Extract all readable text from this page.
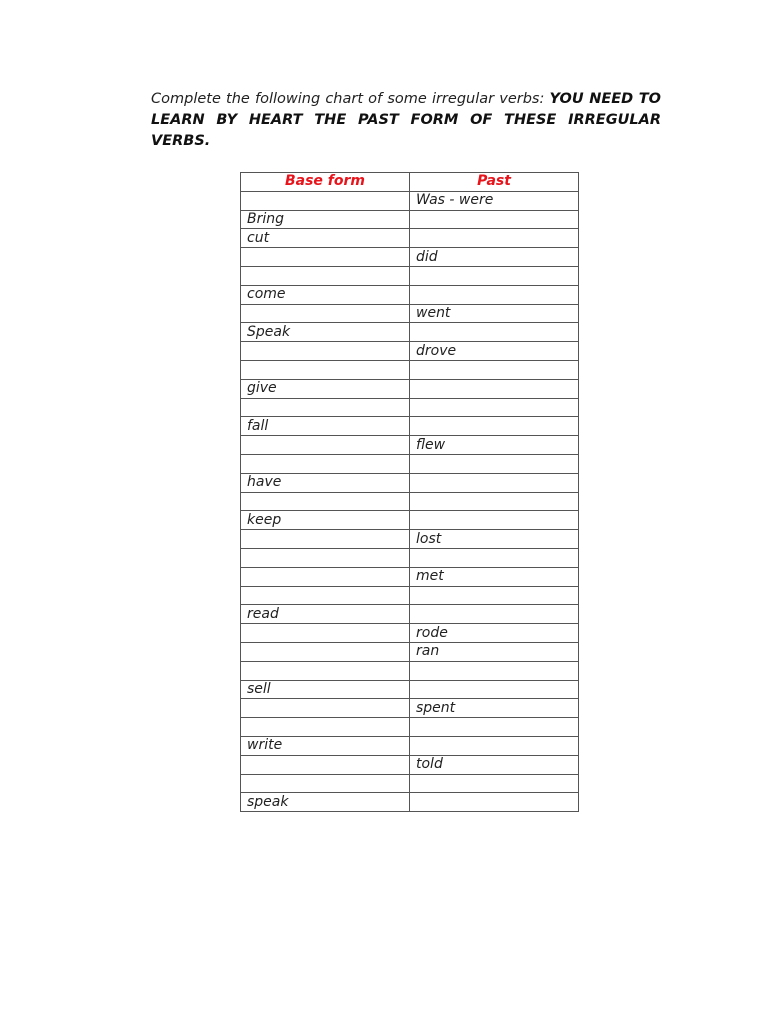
Complete the following chart of some irregular verbs: YOU NEED TO LEARN BY HEART THE PAST FORM OF THESE IRREGULAR VERBS.

Base form	Past
	Was - were
Bring	
cut	
	did

come	
	went
Speak	
	drove

give	

fall	
	flew

have	

keep	
	lost

	met

read	
	rode
	ran

sell	
	spent

write	
	told

speak	
